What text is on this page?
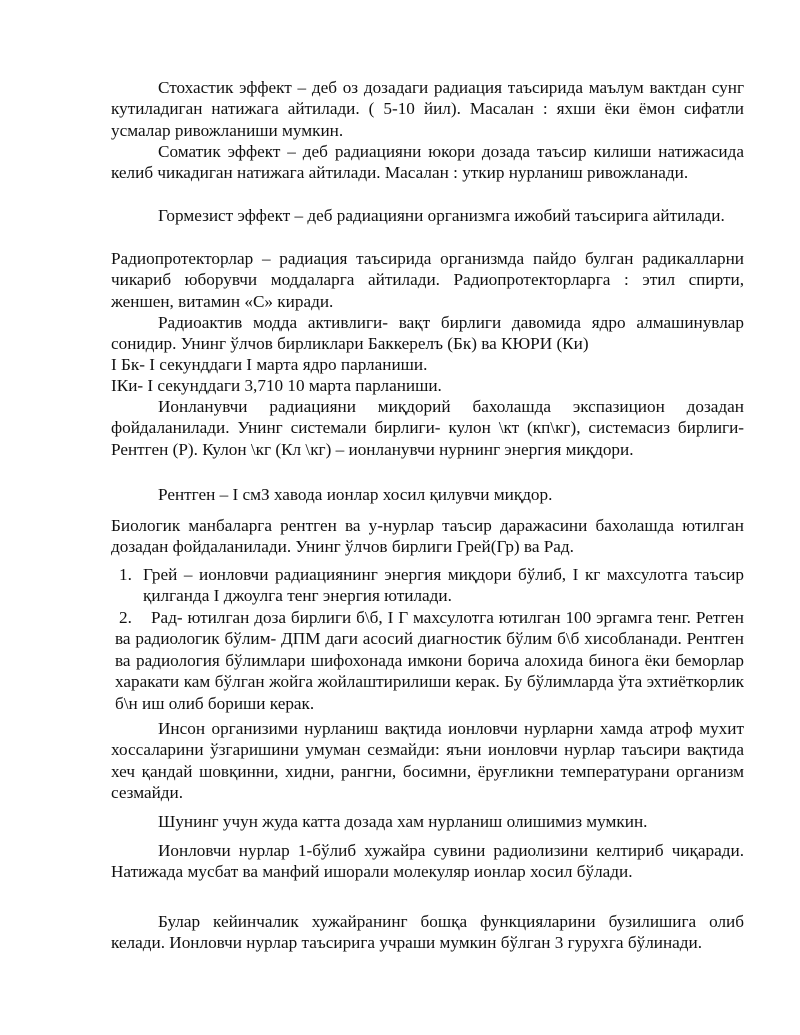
Стохастик эффект – деб оз дозадаги радиация таъсирида маълум вактдан сунг кутиладиган натижага айтилади. ( 5-10 йил). Масалан : яхши ёки ёмон сифатли усмалар ривожланиши мумкин.

Соматик эффект – деб радиацияни юкори дозада таъсир килиши натижасида келиб чикадиган натижага айтилади. Масалан : уткир нурланиш ривожланади.

Гормезист эффект – деб радиацияни организмга ижобий таъсирига айтилади.

Радиопротекторлар – радиация таъсирида организмда пайдо булган радикалларни чикариб юборувчи моддаларга айтилади. Радиопротекторларга : этил спирти, женшен, витамин «С» киради.

Радиоактив модда активлиги- вақт бирлиги давомида ядро алмашинувлар сонидир. Унинг ўлчов бирликлари Баккерелъ (Бк) ва КЮРИ (Ки)

I Бк- I секунддаги I марта ядро парланиши.

IКи- I секунддаги 3,710 10 марта парланиши.

Ионланувчи радиацияни миқдорий бахолашда экспазицион дозадан фойдаланилади. Унинг системали бирлиги- кулон \кт (кп\кг), системасиз бирлиги-Рентген (Р). Кулон \кг (Кл \кг) – ионланувчи нурнинг энергия миқдори.

Рентген – I смЗ хавода ионлар хосил қилувчи миқдор.

Биологик манбаларга рентген ва у-нурлар таъсир даражасини бахолашда ютилган дозадан фойдаланилади. Унинг ўлчов бирлиги Грей(Гр) ва Рад.

1. Грей – ионловчи радиациянинг энергия миқдори бўлиб, I кг махсулотга таъсир қилганда I джоулга тенг энергия ютилади.

Рад- ютилган доза бирлиги б\б, I Г махсулотга ютилган 100 эргамга тенг. Ретген ва радиологик бўлим- ДПМ даги асосий диагностик бўлим б\б хисобланади. Рентген ва радиология бўлимлари шифохонада имкони борича алохида бинога ёки беморлар харакати кам бўлган жойга жойлаштирилиши керак. Бу бўлимларда ўта эхтиёткорлик б\н иш олиб бориши керак.

2.

Инсон организими нурланиш вақтида ионловчи нурларни хамда атроф мухит хоссаларини ўзгаришини умуман сезмайди: яъни ионловчи нурлар таъсири вақтида хеч қандай шовқинни, хидни, рангни, босимни, ёруғликни температурани организм сезмайди.

Шунинг учун жуда катта дозада хам нурланиш олишимиз мумкин.

Ионловчи нурлар 1-бўлиб хужайра сувини радиолизини келтириб чиқаради. Натижада мусбат ва манфий ишорали молекуляр ионлар хосил бўлади.

Булар кейинчалик хужайранинг бошқа функцияларини бузилишига олиб келади. Ионловчи нурлар таъсирига учраши мумкин бўлган 3 гурухга бўлинади.
